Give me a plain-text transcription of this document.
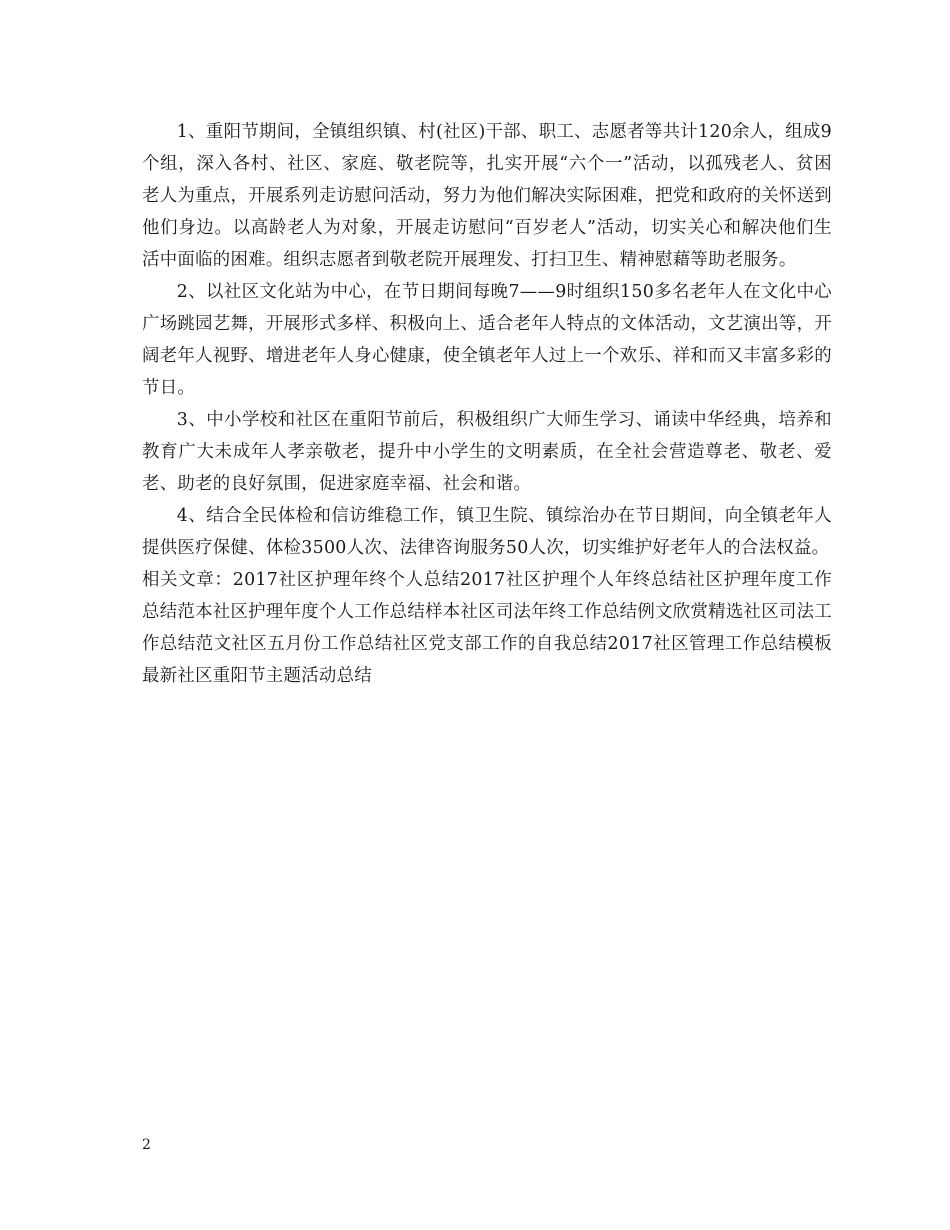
1、重阳节期间，全镇组织镇、村(社区)干部、职工、志愿者等共计120余人，组成9个组，深入各村、社区、家庭、敬老院等，扎实开展“六个一”活动，以孤残老人、贫困老人为重点，开展系列走访慰问活动，努力为他们解决实际困难，把党和政府的关怀送到他们身边。以高龄老人为对象，开展走访慰问“百岁老人”活动，切实关心和解决他们生活中面临的困难。组织志愿者到敬老院开展理发、打扫卫生、精神慰藉等助老服务。

2、以社区文化站为中心，在节日期间每晚7——9时组织150多名老年人在文化中心广场跳园艺舞，开展形式多样、积极向上、适合老年人特点的文体活动，文艺演出等，开阔老年人视野、增进老年人身心健康，使全镇老年人过上一个欢乐、祥和而又丰富多彩的节日。

3、中小学校和社区在重阳节前后，积极组织广大师生学习、诵读中华经典，培养和教育广大未成年人孝亲敬老，提升中小学生的文明素质，在全社会营造尊老、敬老、爱老、助老的良好氛围，促进家庭幸福、社会和谐。

4、结合全民体检和信访维稳工作，镇卫生院、镇综治办在节日期间，向全镇老年人提供医疗保健、体检3500人次、法律咨询服务50人次，切实维护好老年人的合法权益。

相关文章：2017社区护理年终个人总结2017社区护理个人年终总结社区护理年度工作总结范本社区护理年度个人工作总结样本社区司法年终工作总结例文欣赏精选社区司法工作总结范文社区五月份工作总结社区党支部工作的自我总结2017社区管理工作总结模板最新社区重阳节主题活动总结

2
